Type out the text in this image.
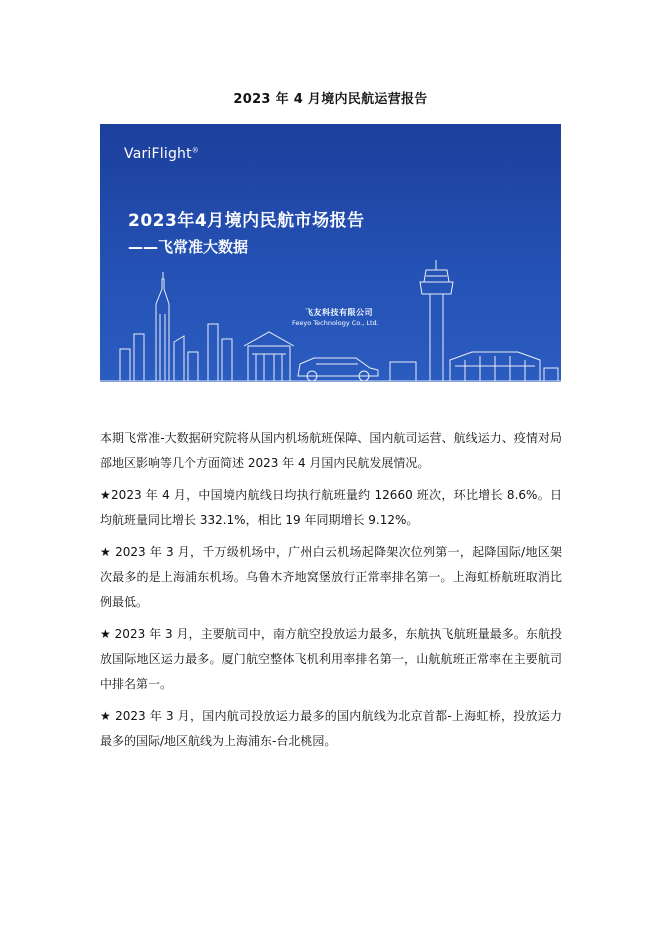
2023 年 4 月境内民航运营报告
VariFlight®
2023年4月境内民航市场报告
——飞常准大数据
飞友科技有限公司
Feeyo Technology Co., Ltd.

本期飞常准-大数据研究院将从国内机场航班保障、国内航司运营、航线运力、疫情对局部地区影响等几个方面简述 2023 年 4 月国内民航发展情况。

★2023 年 4 月，中国境内航线日均执行航班量约 12660 班次，环比增长 8.6%。日均航班量同比增长 332.1%，相比 19 年同期增长 9.12%。

★ 2023 年 3 月，千万级机场中，广州白云机场起降架次位列第一，起降国际/地区架次最多的是上海浦东机场。乌鲁木齐地窝堡放行正常率排名第一。上海虹桥航班取消比例最低。

★ 2023 年 3 月，主要航司中，南方航空投放运力最多，东航执飞航班量最多。东航投放国际地区运力最多。厦门航空整体飞机利用率排名第一，山航航班正常率在主要航司中排名第一。

★ 2023 年 3 月，国内航司投放运力最多的国内航线为北京首都-上海虹桥，投放运力最多的国际/地区航线为上海浦东-台北桃园。
